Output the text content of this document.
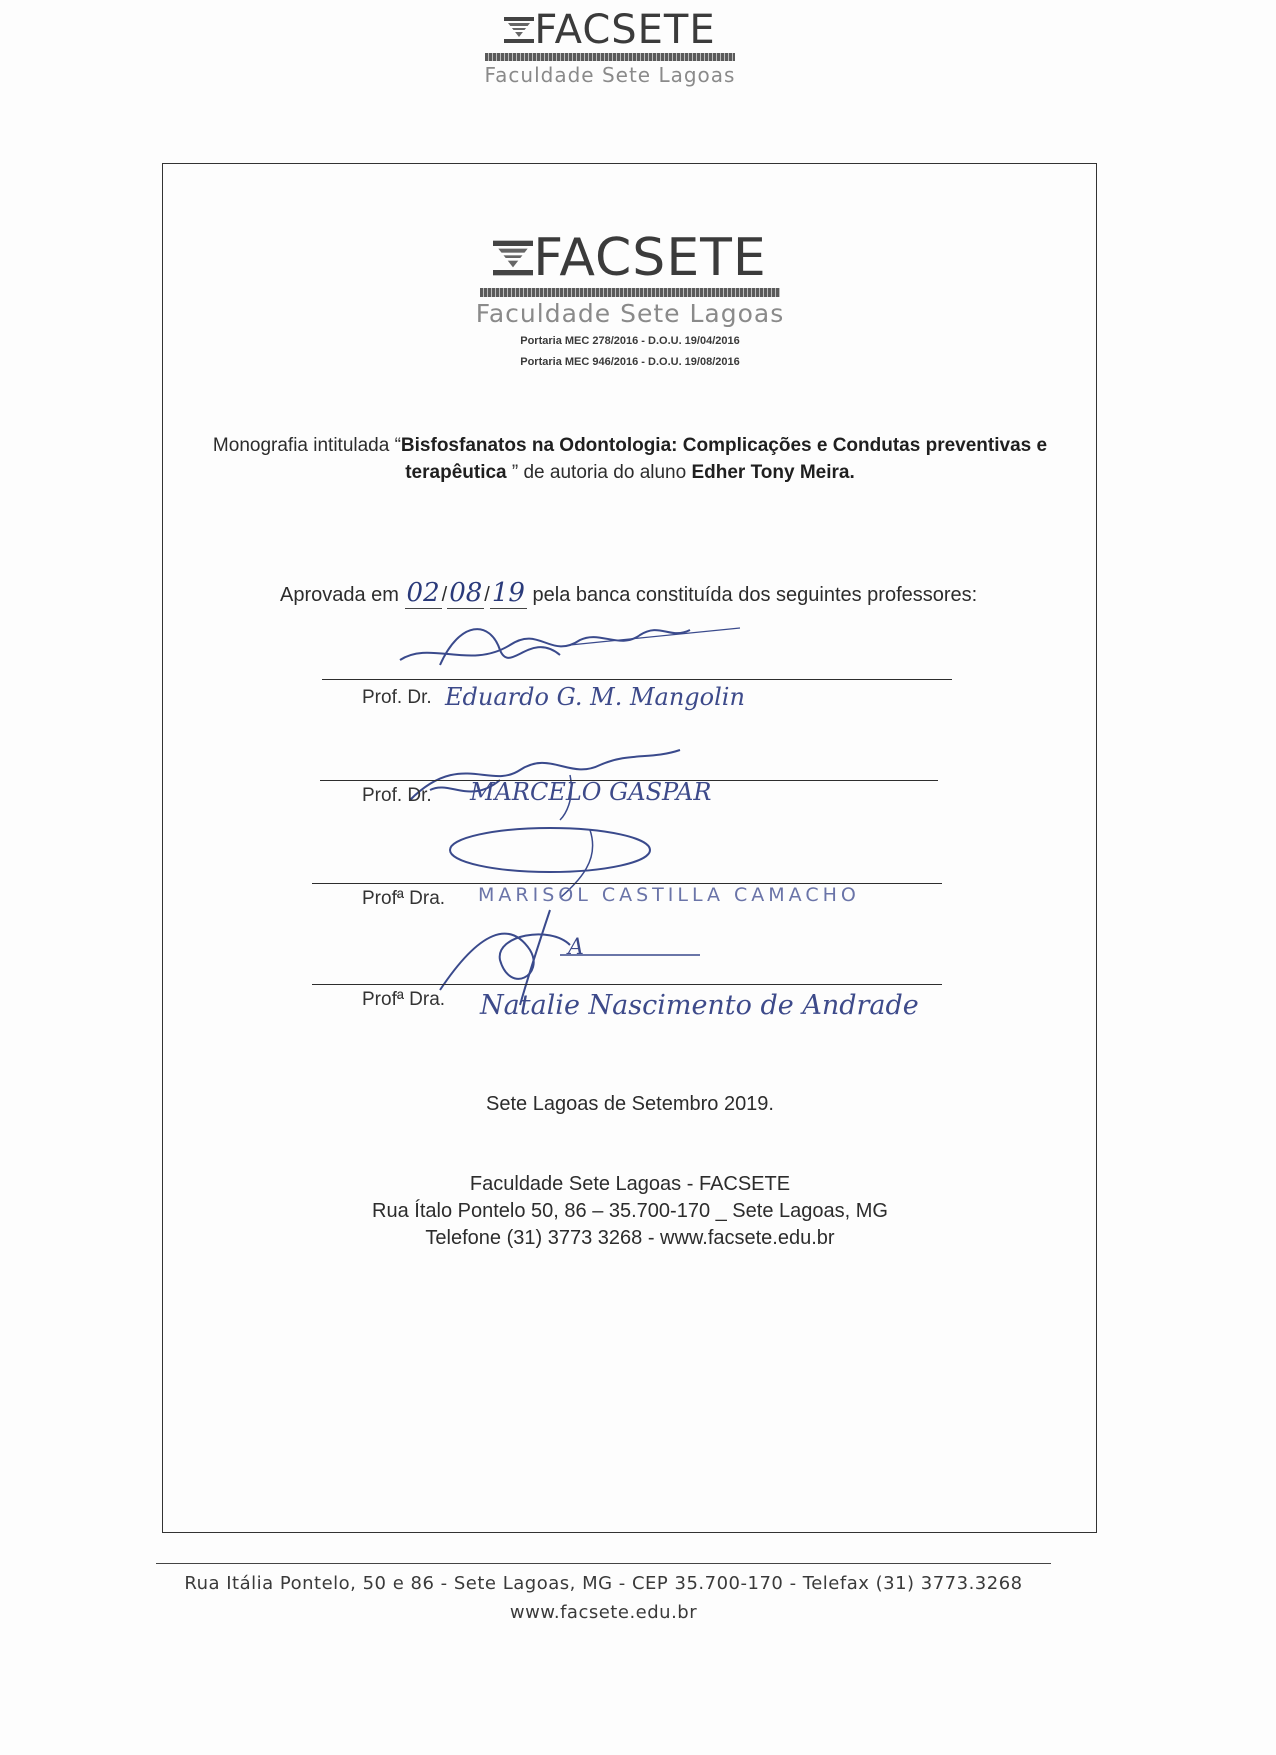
FACSETE
Faculdade Sete Lagoas
FACSETE
Faculdade Sete Lagoas
Portaria MEC 278/2016 - D.O.U. 19/04/2016
Portaria MEC 946/2016 - D.O.U. 19/08/2016
Monografia intitulada “Bisfosfanatos na Odontologia: Complicações e Condutas preventivas e terapêutica ” de autoria do aluno Edher Tony Meira.
Aprovada em 02 /08 /19 pela banca constituída dos seguintes professores:
Prof. Dr. Eduardo G. M. Mangolin
Prof. Dr. MARCELO GASPAR
Profª Dra. MARISOL CASTILLA CAMACHO
A
Profª Dra. Natalie Nascimento de Andrade
Sete Lagoas de Setembro 2019.
Faculdade Sete Lagoas - FACSETE
Rua Ítalo Pontelo 50, 86 – 35.700-170 _ Sete Lagoas, MG
Telefone (31) 3773 3268 - www.facsete.edu.br
Rua Itália Pontelo, 50 e 86 - Sete Lagoas, MG - CEP 35.700-170 - Telefax (31) 3773.3268
www.facsete.edu.br
